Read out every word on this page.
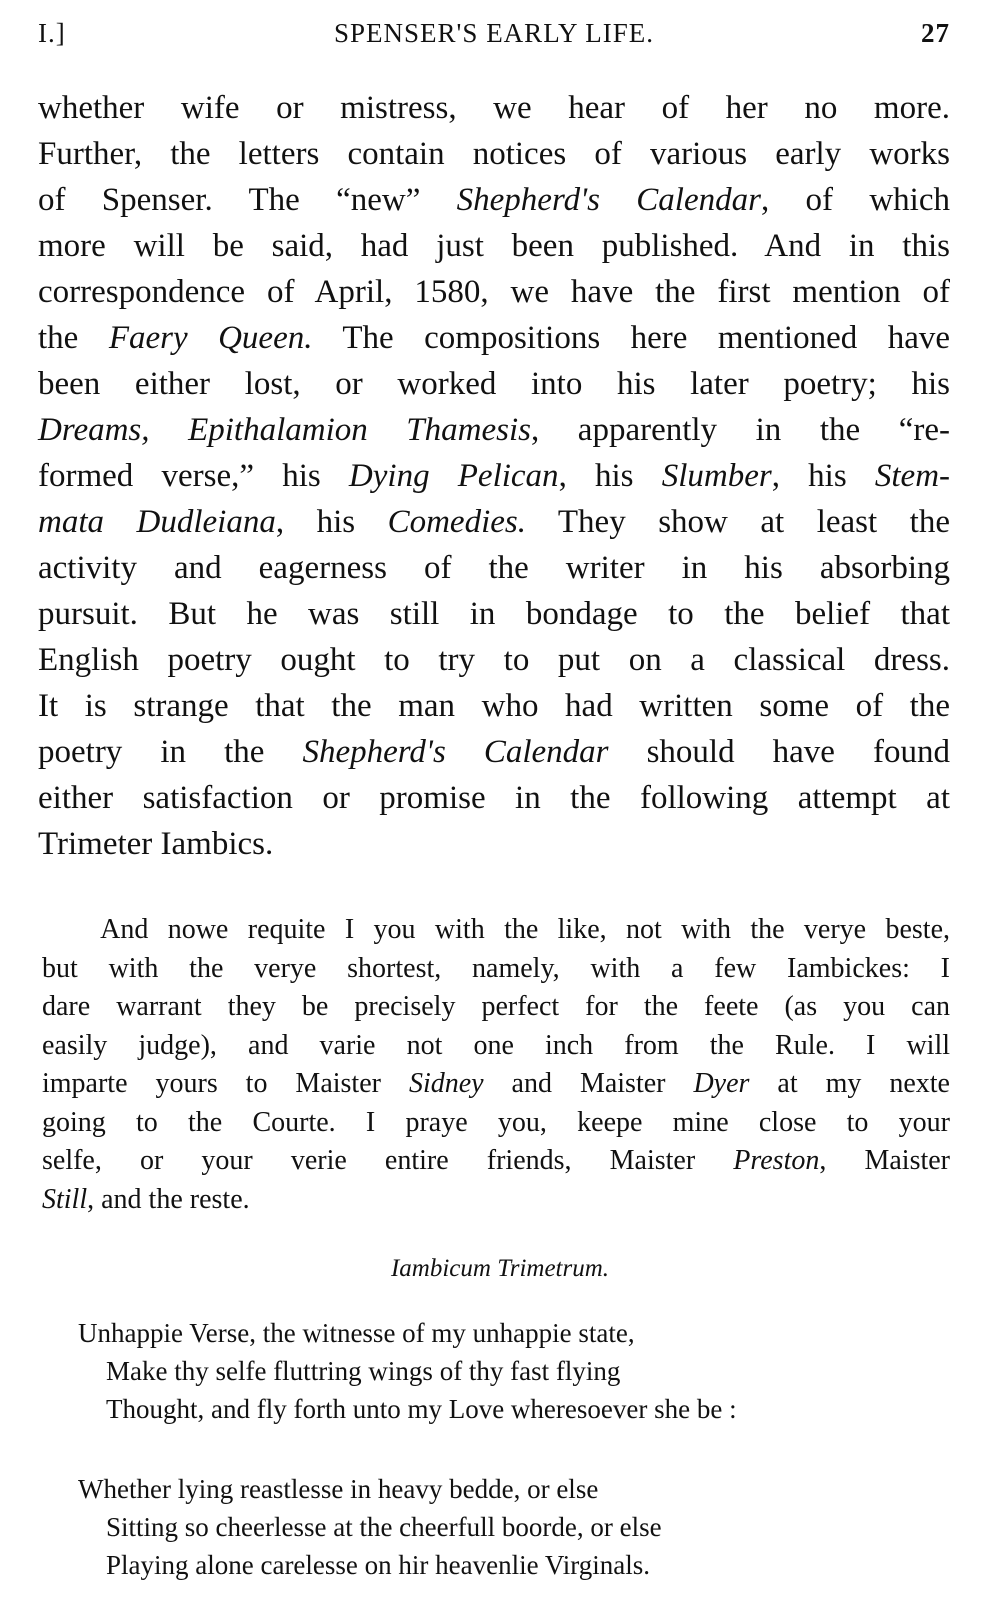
I.]	SPENSER'S EARLY LIFE.	27
whether wife or mistress, we hear of her no more.
Further, the letters contain notices of various early works
of Spenser. The “new” Shepherd's Calendar, of which
more will be said, had just been published. And in this
correspondence of April, 1580, we have the first mention of
the Faery Queen. The compositions here mentioned have
been either lost, or worked into his later poetry; his
Dreams, Epithalamion Thamesis, apparently in the “re-
formed verse,” his Dying Pelican, his Slumber, his Stem-
mata Dudleiana, his Comedies. They show at least the
activity and eagerness of the writer in his absorbing
pursuit. But he was still in bondage to the belief that
English poetry ought to try to put on a classical dress.
It is strange that the man who had written some of the
poetry in the Shepherd's Calendar should have found
either satisfaction or promise in the following attempt at
Trimeter Iambics.
And nowe requite I you with the like, not with the verye beste,
but with the verye shortest, namely, with a few Iambickes: I
dare warrant they be precisely perfect for the feete (as you can
easily judge), and varie not one inch from the Rule. I will
imparte yours to Maister Sidney and Maister Dyer at my nexte
going to the Courte. I praye you, keepe mine close to your
selfe, or your verie entire friends, Maister Preston, Maister
Still, and the reste.
Iambicum Trimetrum.
Unhappie Verse, the witnesse of my unhappie state,
Make thy selfe fluttring wings of thy fast flying
Thought, and fly forth unto my Love wheresoever she be :
Whether lying reastlesse in heavy bedde, or else
Sitting so cheerlesse at the cheerfull boorde, or else
Playing alone carelesse on hir heavenlie Virginals.
